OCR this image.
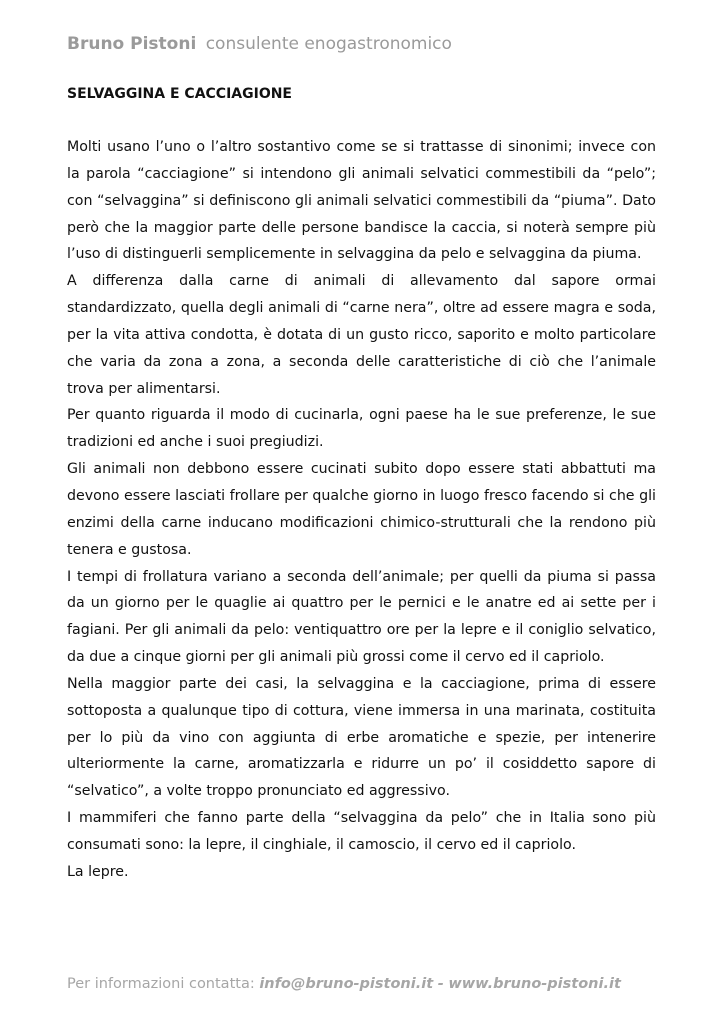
Bruno Pistoni consulente enogastronomico
SELVAGGINA E CACCIAGIONE

Molti usano l’uno o l’altro sostantivo come se si trattasse di sinonimi; invece con la parola “cacciagione” si intendono gli animali selvatici commestibili da “pelo”; con “selvaggina” si definiscono gli animali selvatici commestibili da “piuma”. Dato però che la maggior parte delle persone bandisce la caccia, si noterà sempre più l’uso di distinguerli semplicemente in selvaggina da pelo e selvaggina da piuma.

A differenza dalla carne di animali di allevamento dal sapore ormai standardizzato, quella degli animali di “carne nera”, oltre ad essere magra e soda, per la vita attiva condotta, è dotata di un gusto ricco, saporito e molto particolare che varia da zona a zona, a seconda delle caratteristiche di ciò che l’animale trova per alimentarsi.

Per quanto riguarda il modo di cucinarla, ogni paese ha le sue preferenze, le sue tradizioni ed anche i suoi pregiudizi.

Gli animali non debbono essere cucinati subito dopo essere stati abbattuti ma devono essere lasciati frollare per qualche giorno in luogo fresco facendo si che gli enzimi della carne inducano modificazioni chimico-strutturali che la rendono più tenera e gustosa.

I tempi di frollatura variano a seconda dell’animale; per quelli da piuma si passa da un giorno per le quaglie ai quattro per le pernici e le anatre ed ai sette per i fagiani. Per gli animali da pelo: ventiquattro ore per la lepre e il coniglio selvatico, da due a cinque giorni per gli animali più grossi come il cervo ed il capriolo.

Nella maggior parte dei casi, la selvaggina e la cacciagione, prima di essere sottoposta a qualunque tipo di cottura, viene immersa in una marinata, costituita per lo più da vino con aggiunta di erbe aromatiche e spezie, per intenerire ulteriormente la carne, aromatizzarla e ridurre un po’ il cosiddetto sapore di “selvatico”, a volte troppo pronunciato ed aggressivo.

I mammiferi che fanno parte della “selvaggina da pelo” che in Italia sono più consumati sono: la lepre, il cinghiale, il camoscio, il cervo ed il capriolo.

La lepre.

Per informazioni contatta: info@bruno-pistoni.it - www.bruno-pistoni.it
